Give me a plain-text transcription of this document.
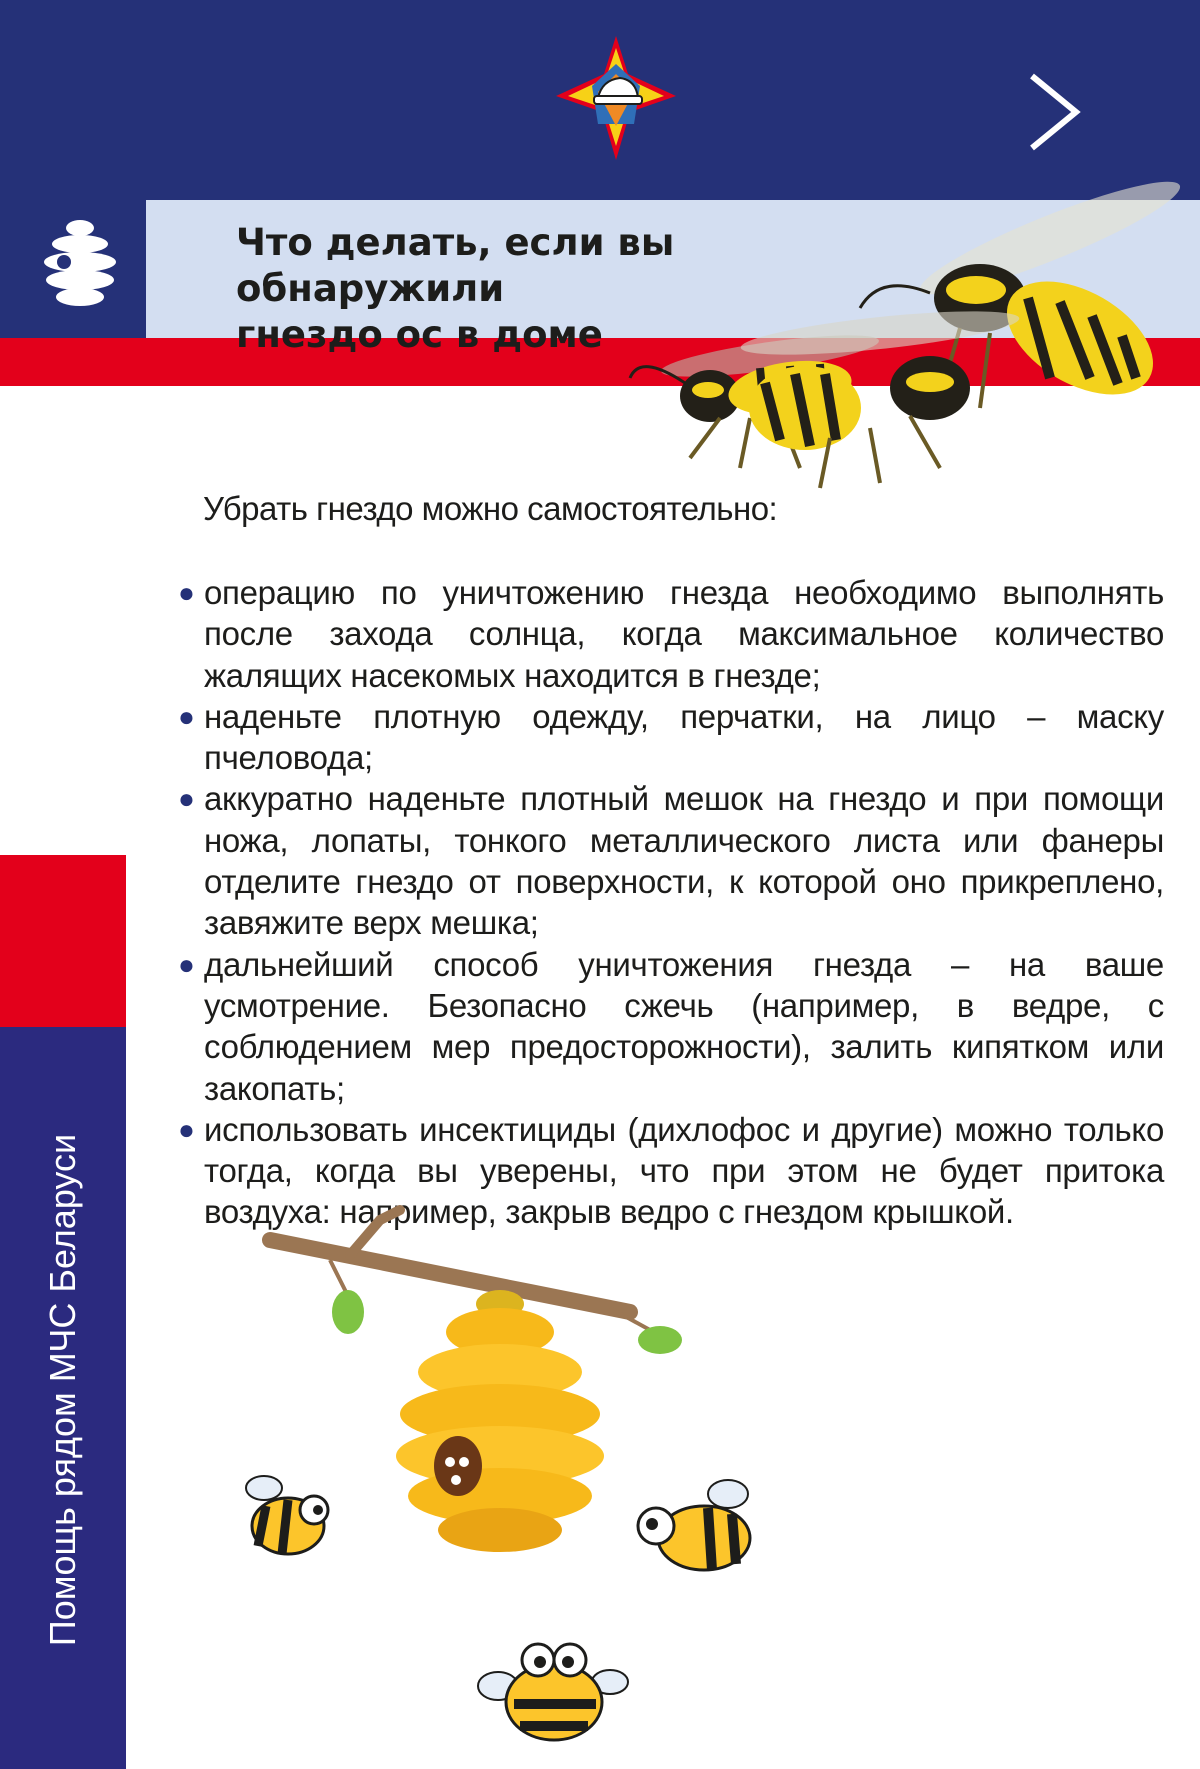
Что делать, если вы обнаружили
гнездо ос в доме
Убрать гнездо можно самостоятельно:
● операцию по уничтожению гнезда необходимо выполнять после захода солнца, когда максимальное количество жалящих насекомых находится в гнезде;
● наденьте плотную одежду, перчатки, на лицо – маску пчеловода;
● аккуратно наденьте плотный мешок на гнездо и при помощи ножа, лопаты, тонкого металлического листа или фанеры отделите гнездо от поверхности, к которой оно прикреплено, завяжите верх мешка;
● дальнейший способ уничтожения гнезда – на ваше усмотрение. Безопасно сжечь (например, в ведре, с соблюдением мер предосторожности), залить кипятком или закопать;
● использовать инсектициды (дихлофос и другие) можно только тогда, когда вы уверены, что при этом не будет притока воздуха: например, закрыв ведро с гнездом крышкой.
Помощь рядом МЧС Беларуси
